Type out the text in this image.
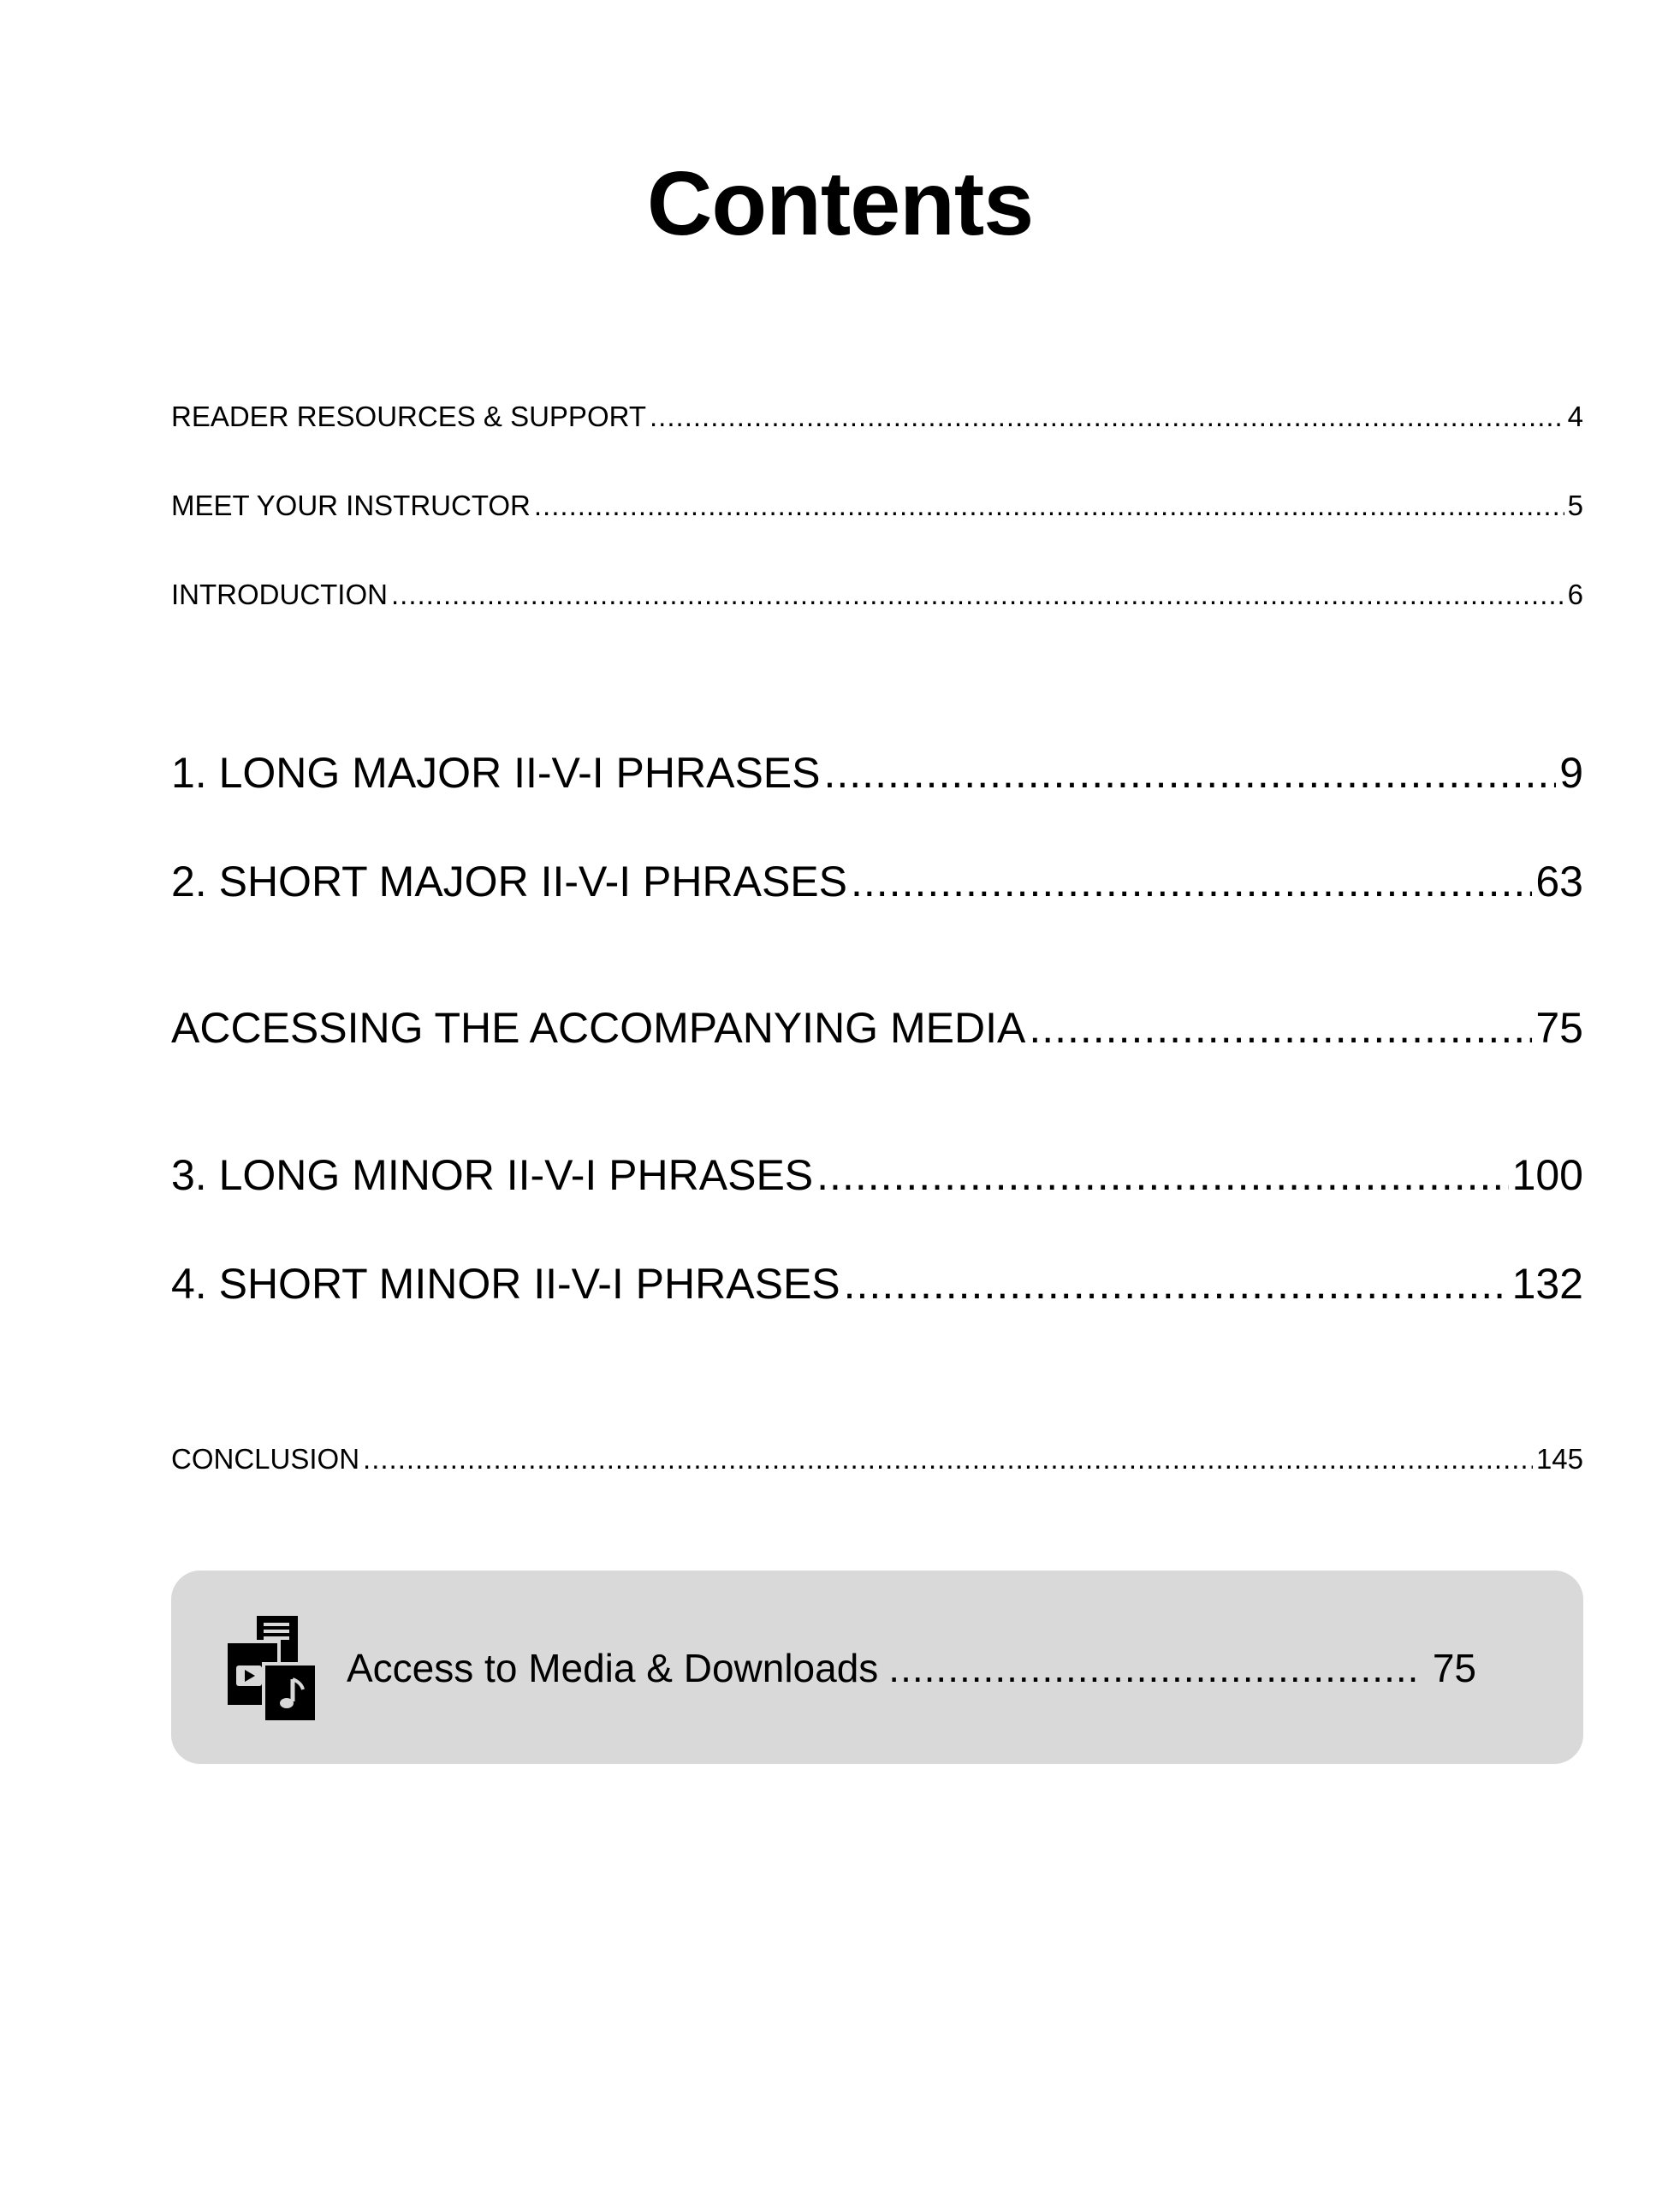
Contents
READER RESOURCES & SUPPORT .....	4
MEET YOUR INSTRUCTOR .....	5
INTRODUCTION .....	6
1. LONG MAJOR II-V-I PHRASES .....	9
2. SHORT MAJOR II-V-I PHRASES .....	63
ACCESSING THE ACCOMPANYING MEDIA .....	75
3. LONG MINOR II-V-I PHRASES .....	100
4. SHORT MINOR II-V-I PHRASES .....	132
CONCLUSION .....	145
Access to Media & Downloads .....	75
